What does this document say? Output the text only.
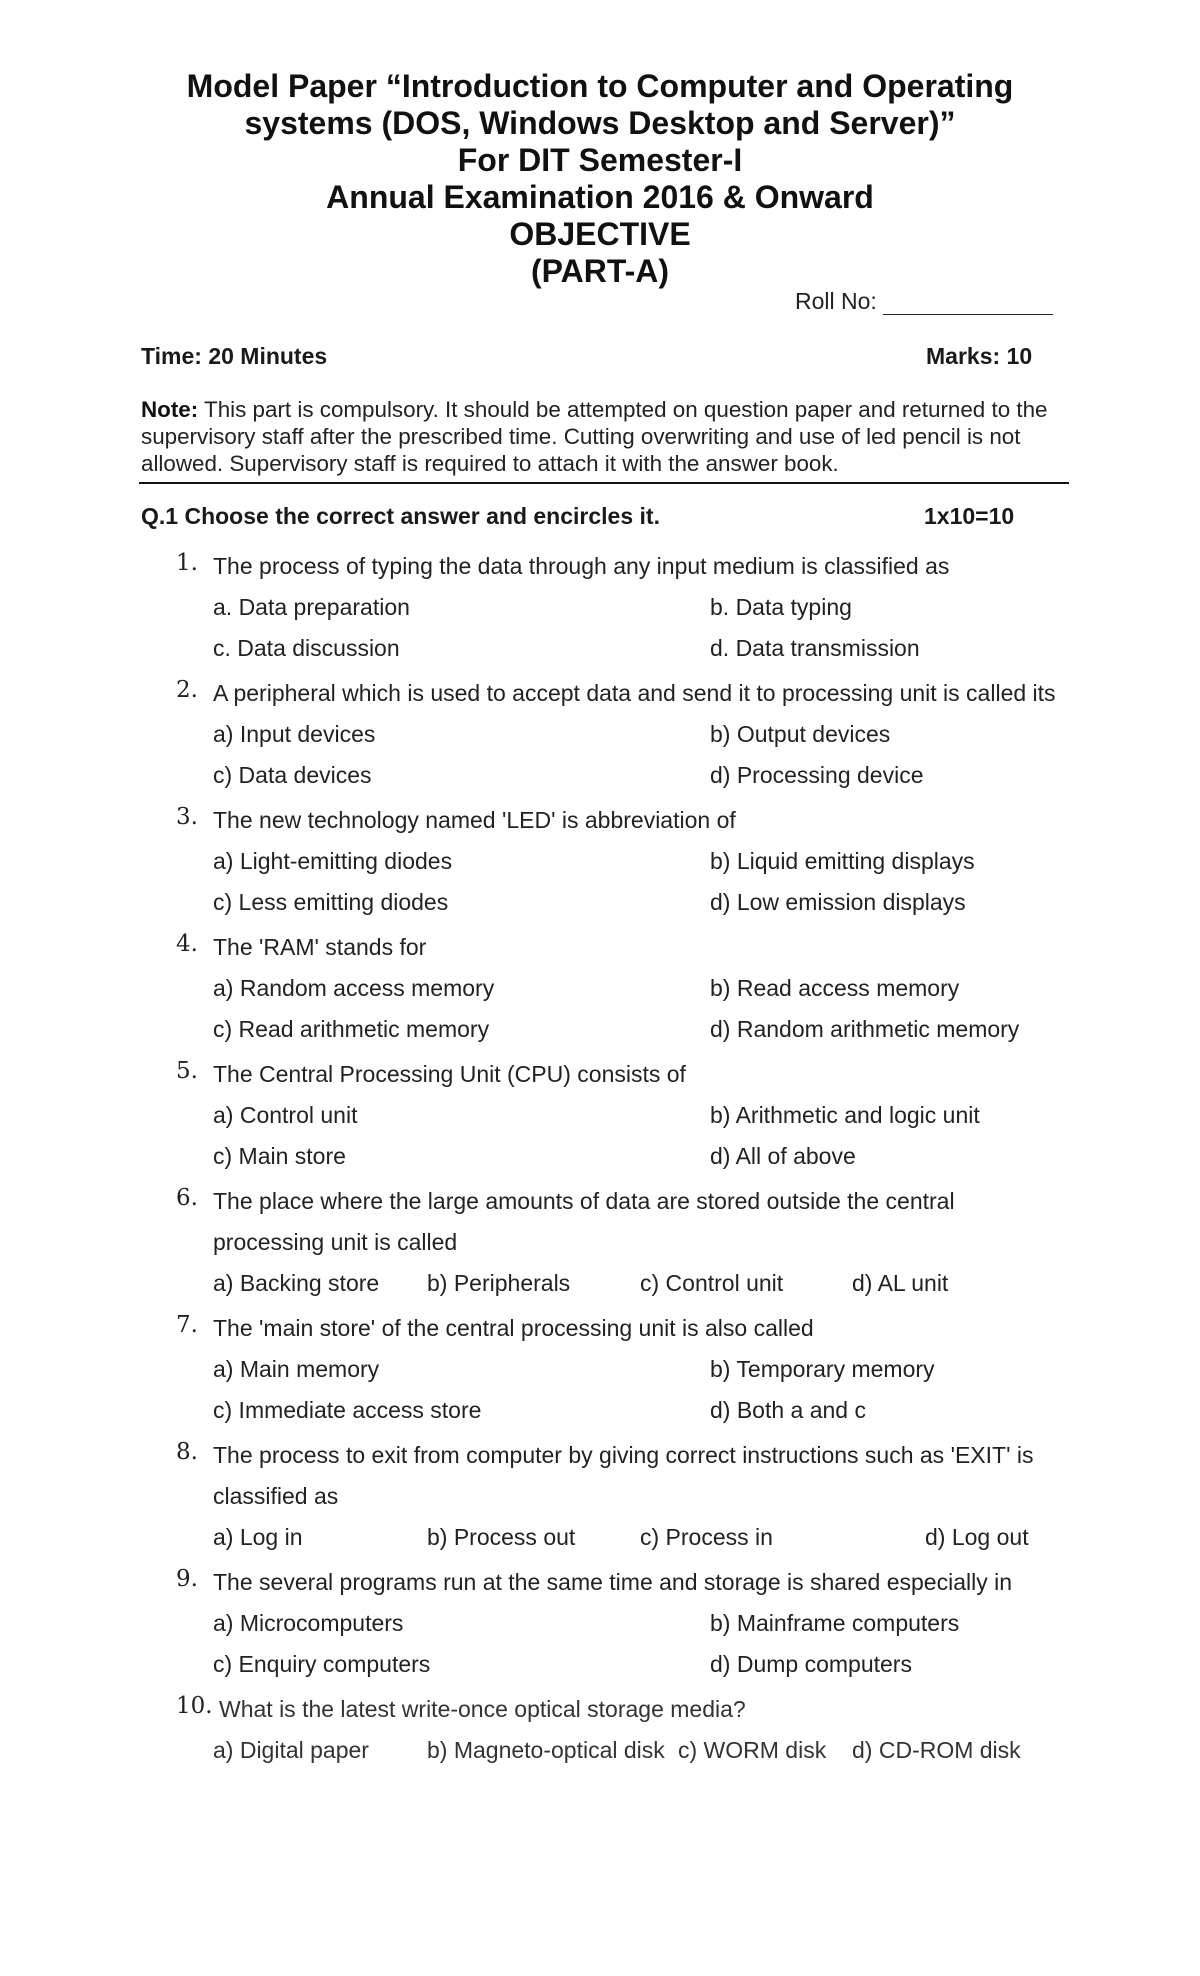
Model Paper “Introduction to Computer and Operating
systems (DOS, Windows Desktop and Server)”
For DIT Semester-I
Annual Examination 2016 & Onward
OBJECTIVE
(PART-A)
Roll No:
Time: 20 Minutes	Marks: 10
Note: This part is compulsory. It should be attempted on question paper and returned to the supervisory staff after the prescribed time. Cutting overwriting and use of led pencil is not allowed. Supervisory staff is required to attach it with the answer book.
Q.1 Choose the correct answer and encircles it.	1x10=10
1. The process of typing the data through any input medium is classified as
a. Data preparation	b. Data typing
c. Data discussion	d. Data transmission
2. A peripheral which is used to accept data and send it to processing unit is called its
a) Input devices	b) Output devices
c) Data devices	d) Processing device
3. The new technology named 'LED' is abbreviation of
a) Light-emitting diodes	b) Liquid emitting displays
c) Less emitting diodes	d) Low emission displays
4. The 'RAM' stands for
a) Random access memory	b) Read access memory
c) Read arithmetic memory	d) Random arithmetic memory
5. The Central Processing Unit (CPU) consists of
a) Control unit	b) Arithmetic and logic unit
c) Main store	d) All of above
6. The place where the large amounts of data are stored outside the central
processing unit is called
a) Backing store b) Peripherals	c) Control unit	d) AL unit
7. The 'main store' of the central processing unit is also called
a) Main memory	b) Temporary memory
c) Immediate access store	d) Both a and c
8. The process to exit from computer by giving correct instructions such as 'EXIT' is
classified as
a) Log in	b) Process out	c) Process in	d) Log out
9. The several programs run at the same time and storage is shared especially in
a) Microcomputers	b) Mainframe computers
c) Enquiry computers	d) Dump computers
10. What is the latest write-once optical storage media?
a) Digital paper	b) Magneto-optical disk c) WORM disk d) CD-ROM disk
